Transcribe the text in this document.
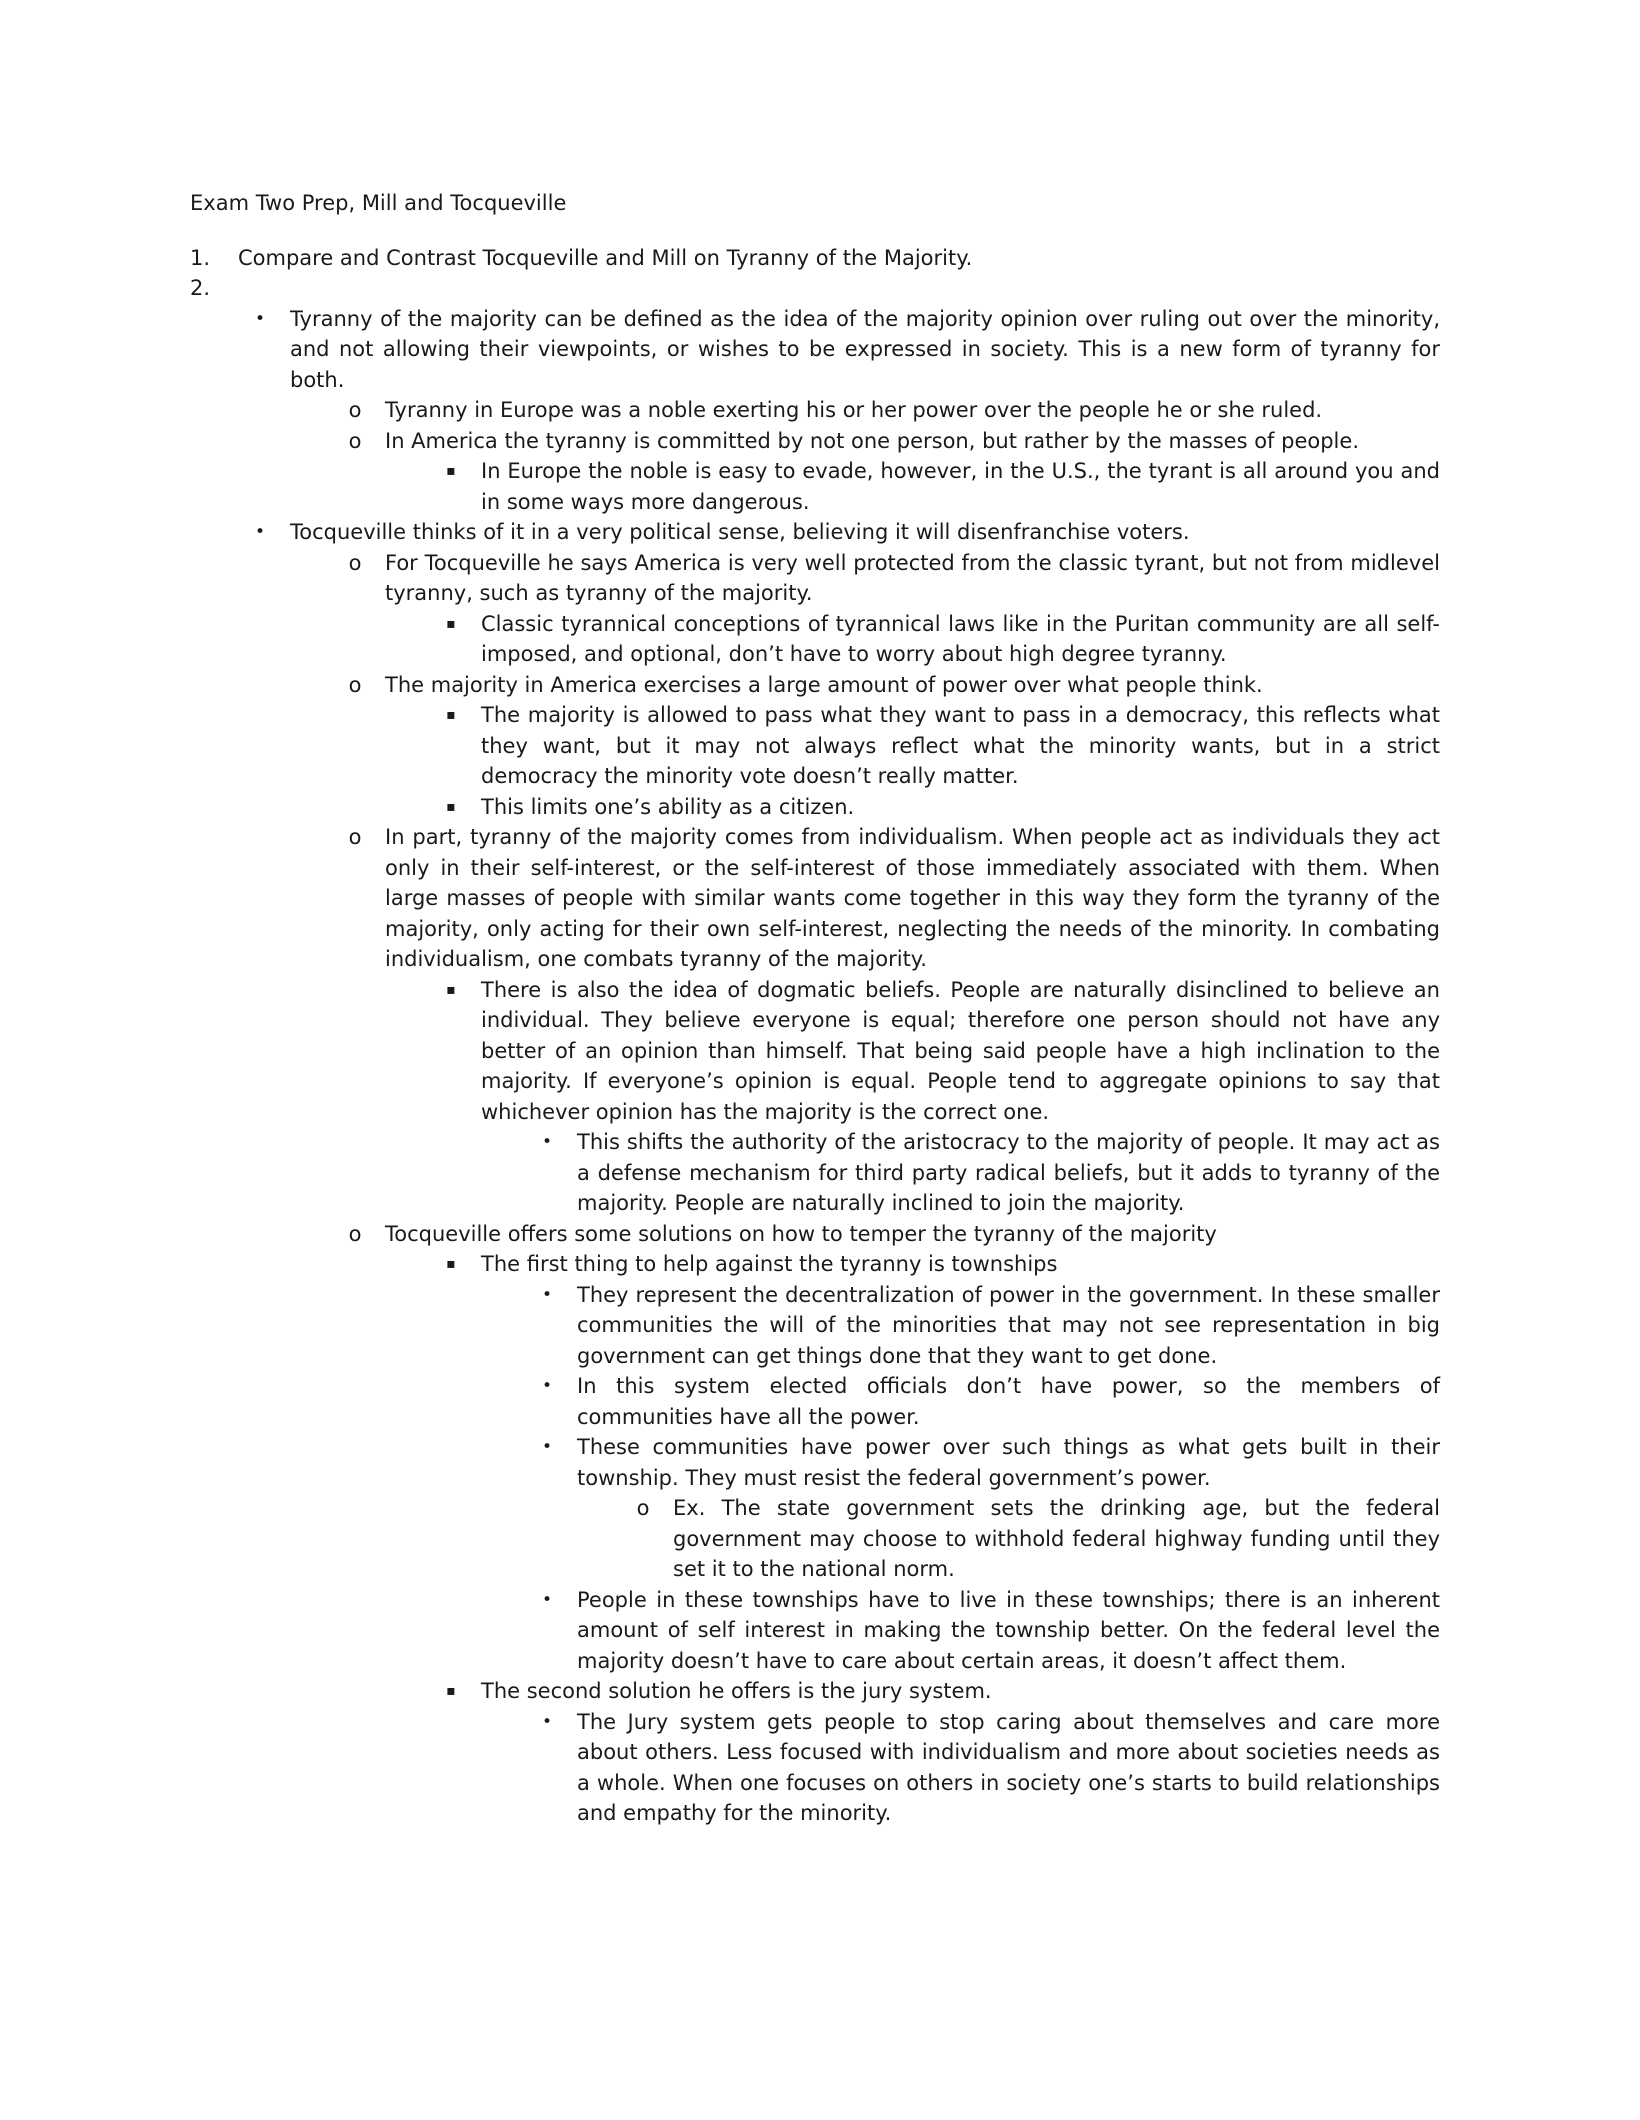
Exam Two Prep, Mill and Tocqueville
1.	Compare and Contrast Tocqueville and Mill on Tyranny of the Majority.
2.
•	Tyranny of the majority can be defined as the idea of the majority opinion over ruling out over the minority, and not allowing their viewpoints, or wishes to be expressed in society. This is a new form of tyranny for both.
o	Tyranny in Europe was a noble exerting his or her power over the people he or she ruled.
o	In America the tyranny is committed by not one person, but rather by the masses of people.
▪	In Europe the noble is easy to evade, however, in the U.S., the tyrant is all around you and in some ways more dangerous.
•	Tocqueville thinks of it in a very political sense, believing it will disenfranchise voters.
o	For Tocqueville he says America is very well protected from the classic tyrant, but not from midlevel tyranny, such as tyranny of the majority.
▪	Classic tyrannical conceptions of tyrannical laws like in the Puritan community are all self-imposed, and optional, don’t have to worry about high degree tyranny.
o	The majority in America exercises a large amount of power over what people think.
▪	The majority is allowed to pass what they want to pass in a democracy, this reflects what they want, but it may not always reflect what the minority wants, but in a strict democracy the minority vote doesn’t really matter.
▪	This limits one’s ability as a citizen.
o	In part, tyranny of the majority comes from individualism. When people act as individuals they act only in their self-interest, or the self-interest of those immediately associated with them. When large masses of people with similar wants come together in this way they form the tyranny of the majority, only acting for their own self-interest, neglecting the needs of the minority. In combating individualism, one combats tyranny of the majority.
▪	There is also the idea of dogmatic beliefs. People are naturally disinclined to believe an individual. They believe everyone is equal; therefore one person should not have any better of an opinion than himself. That being said people have a high inclination to the majority. If everyone’s opinion is equal. People tend to aggregate opinions to say that whichever opinion has the majority is the correct one.
•	This shifts the authority of the aristocracy to the majority of people. It may act as a defense mechanism for third party radical beliefs, but it adds to tyranny of the majority. People are naturally inclined to join the majority.
o	Tocqueville offers some solutions on how to temper the tyranny of the majority
▪	The first thing to help against the tyranny is townships
•	They represent the decentralization of power in the government. In these smaller communities the will of the minorities that may not see representation in big government can get things done that they want to get done.
•	In this system elected officials don’t have power, so the members of communities have all the power.
•	These communities have power over such things as what gets built in their township. They must resist the federal government’s power.
o	Ex. The state government sets the drinking age, but the federal government may choose to withhold federal highway funding until they set it to the national norm.
•	People in these townships have to live in these townships; there is an inherent amount of self interest in making the township better. On the federal level the majority doesn’t have to care about certain areas, it doesn’t affect them.
▪	The second solution he offers is the jury system.
•	The Jury system gets people to stop caring about themselves and care more about others. Less focused with individualism and more about societies needs as a whole. When one focuses on others in society one’s starts to build relationships and empathy for the minority.
